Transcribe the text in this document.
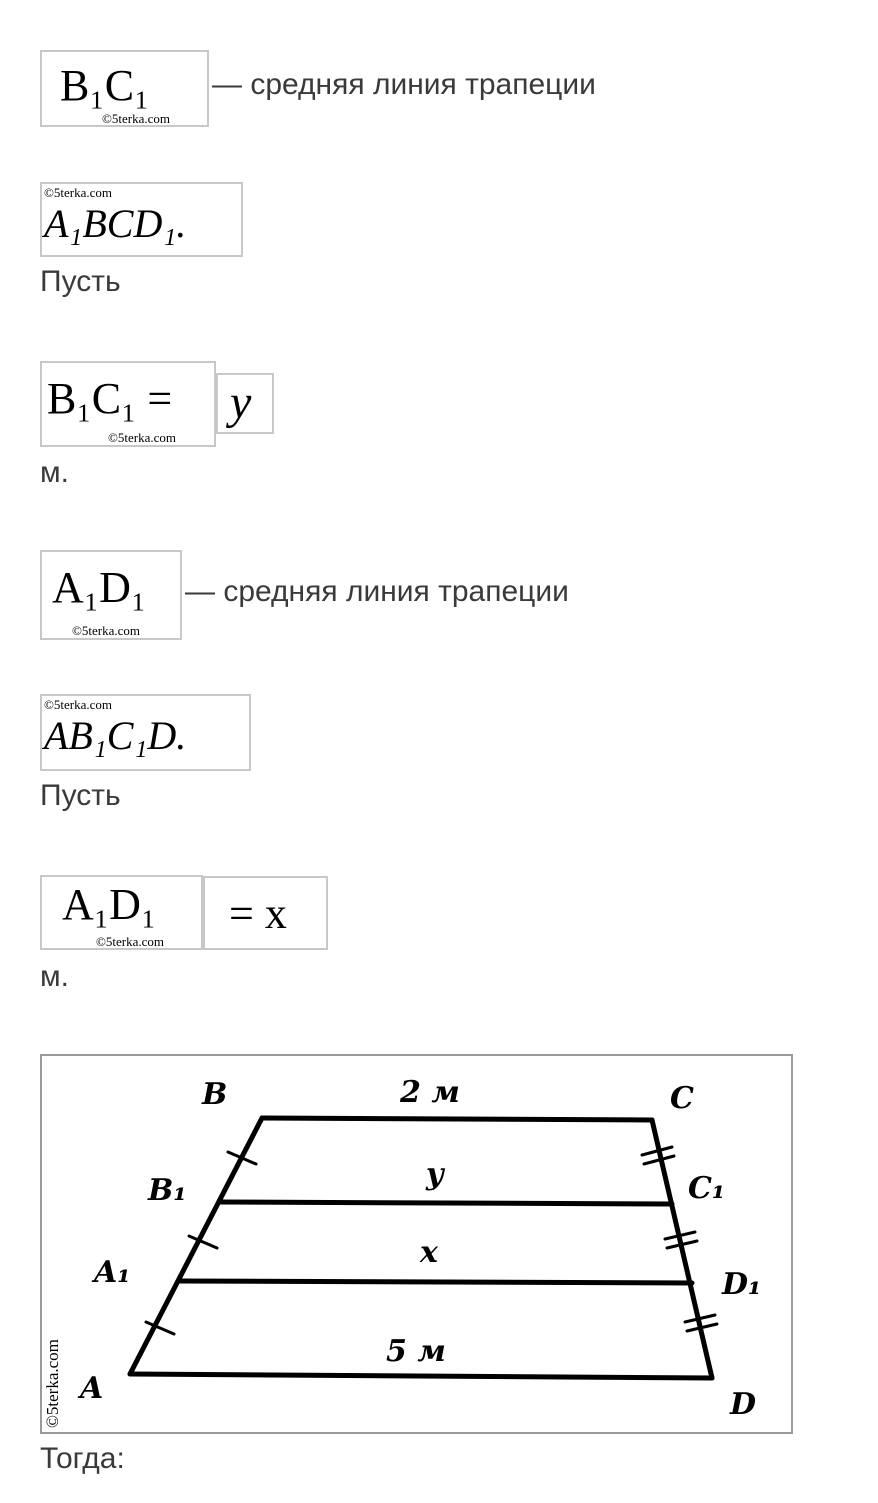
B₁C₁
©5terka.com
— средняя линия трапеции
©5terka.com
A₁BCD₁.
Пусть
B₁C₁ =
©5terka.com
y
м.
A₁D₁
©5terka.com
— средняя линия трапеции
©5terka.com
AB₁C₁D.
Пусть
A₁D₁
©5terka.com
= x
м.
B	C
B₁	C₁
A₁	D₁
A	D
2 м
y
x
5 м
©5terka.com
Тогда:
